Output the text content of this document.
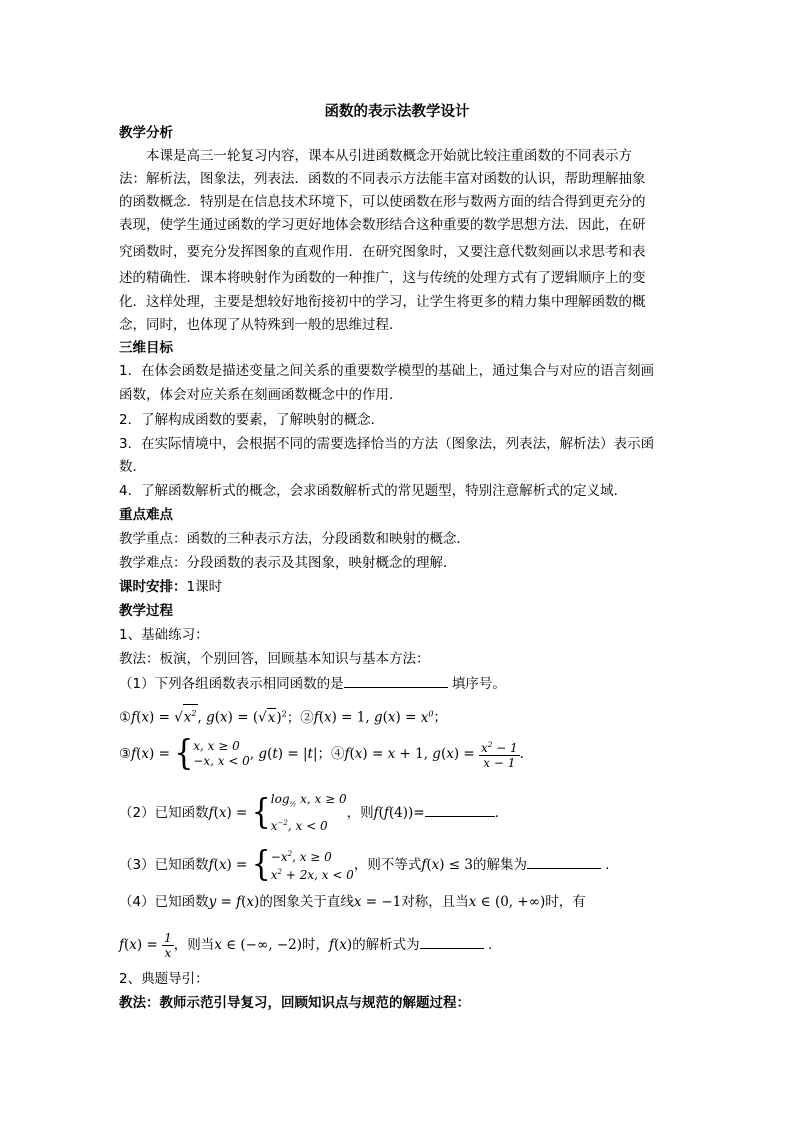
函数的表示法教学设计
教学分析
　　本课是高三一轮复习内容，课本从引进函数概念开始就比较注重函数的不同表示方
法：解析法，图象法，列表法．函数的不同表示方法能丰富对函数的认识，帮助理解抽象
的函数概念．特别是在信息技术环境下，可以使函数在形与数两方面的结合得到更充分的
表现，使学生通过函数的学习更好地体会数形结合这种重要的数学思想方法．因此，在研
究函数时，要充分发挥图象的直观作用．在研究图象时，又要注意代数刻画以求思考和表
述的精确性．课本将映射作为函数的一种推广，这与传统的处理方式有了逻辑顺序上的变
化．这样处理，主要是想较好地衔接初中的学习，让学生将更多的精力集中理解函数的概
念，同时，也体现了从特殊到一般的思维过程．
三维目标
1．在体会函数是描述变量之间关系的重要数学模型的基础上，通过集合与对应的语言刻画
函数，体会对应关系在刻画函数概念中的作用．
2．了解构成函数的要素，了解映射的概念．
3．在实际情境中，会根据不同的需要选择恰当的方法（图象法，列表法，解析法）表示函
数．
4．了解函数解析式的概念，会求函数解析式的常见题型，特别注意解析式的定义域．
重点难点
教学重点：函数的三种表示方法，分段函数和映射的概念．
教学难点：分段函数的表示及其图象，映射概念的理解．
课时安排：1课时
教学过程
1、基础练习：
教法：板演，个别回答，回顾基本知识与基本方法：
（1）下列各组函数表示相同函数的是	填序号。
①f(x) = $√x^2$, $g(x) = (√x)^2$；②f(x) = 1, $g(x) = x^0$；
③f(x) = { x, x ≥ 0
−x, x < 0 , g(t) = |t|；④f(x) = x + 1, $g(x) = \frac{x^2 - 1}{x - 1}$ .
（2）已知函数f(x) = { $\log_{\frac{1}{2}} x$, x ≥ 0
$x^{-2}$, x < 0
，则f(f(4))=	.
（3）已知函数f(x) = { $-x^2$, x ≥ 0
$x^2 + 2x$, x < 0
，则不等式f(x) ≤ 3的解集为	.
（4）已知函数y = f(x)的图象关于直线x = −1对称，且当x ∈ (0, +∞)时，有
$f(x) = \frac{1}{x}$ ，则当x ∈ (−∞, −2)时，f(x)的解析式为	.
2、典题导引：
教法：教师示范引导复习，回顾知识点与规范的解题过程：
